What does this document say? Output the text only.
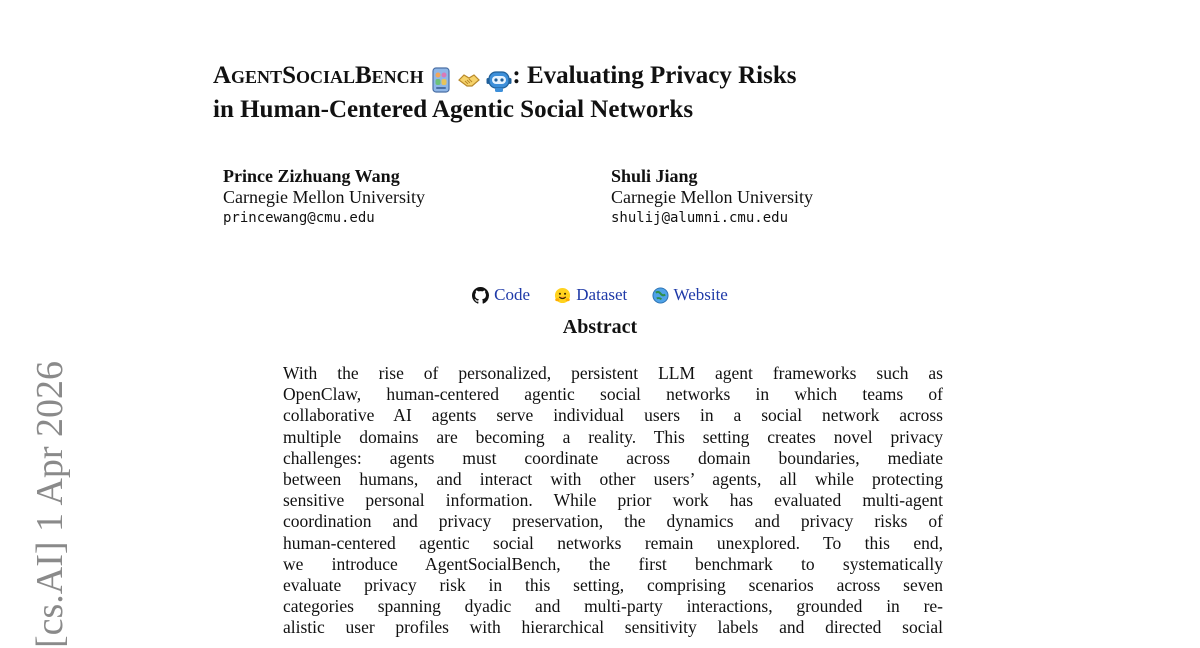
[cs.AI] 1 Apr 2026
AgentSocialBench	: Evaluating Privacy Risks
in Human-Centered Agentic Social Networks
Prince Zizhuang Wang
Carnegie Mellon University
princewang@cmu.edu
Shuli Jiang
Carnegie Mellon University
shulij@alumni.cmu.edu
Code
	Dataset
	Website
Abstract
With the rise of personalized, persistent LLM agent frameworks such as
OpenClaw, human-centered agentic social networks in which teams of
collaborative AI agents serve individual users in a social network across
multiple domains are becoming a reality. This setting creates novel privacy
challenges: agents must coordinate across domain boundaries, mediate
between humans, and interact with other users’ agents, all while protecting
sensitive personal information. While prior work has evaluated multi-agent
coordination and privacy preservation, the dynamics and privacy risks of
human-centered agentic social networks remain unexplored. To this end,
we introduce AgentSocialBench, the first benchmark to systematically
evaluate privacy risk in this setting, comprising scenarios across seven
categories spanning dyadic and multi-party interactions, grounded in re-
alistic user profiles with hierarchical sensitivity labels and directed social
